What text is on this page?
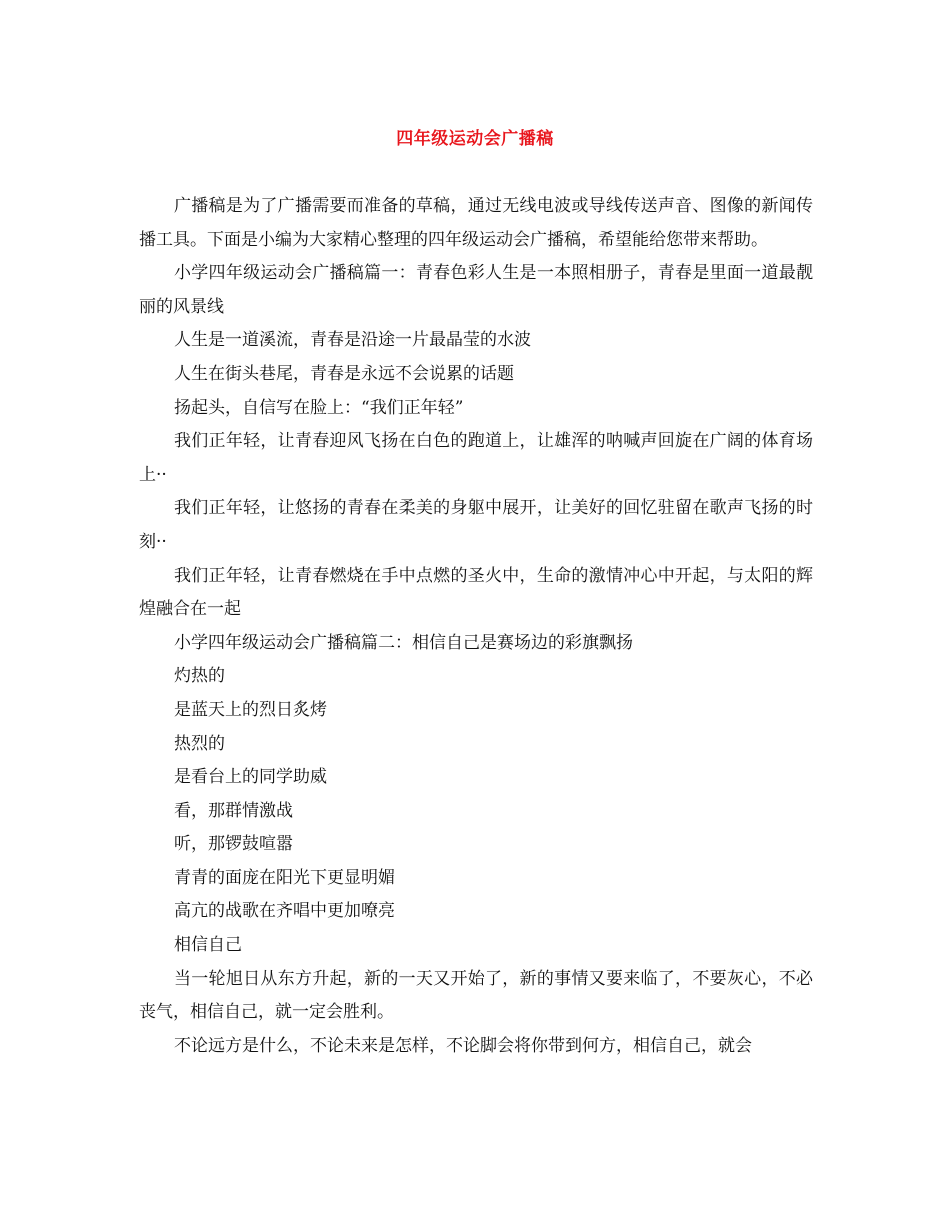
四年级运动会广播稿

广播稿是为了广播需要而准备的草稿，通过无线电波或导线传送声音、图像的新闻传播工具。下面是小编为大家精心整理的四年级运动会广播稿，希望能给您带来帮助。

小学四年级运动会广播稿篇一：青春色彩人生是一本照相册子，青春是里面一道最靓丽的风景线

人生是一道溪流，青春是沿途一片最晶莹的水波

人生在街头巷尾，青春是永远不会说累的话题

扬起头，自信写在脸上：“我们正年轻”

我们正年轻，让青春迎风飞扬在白色的跑道上，让雄浑的呐喊声回旋在广阔的体育场上··

我们正年轻，让悠扬的青春在柔美的身躯中展开，让美好的回忆驻留在歌声飞扬的时刻··

我们正年轻，让青春燃烧在手中点燃的圣火中，生命的激情冲心中开起，与太阳的辉煌融合在一起

小学四年级运动会广播稿篇二：相信自己是赛场边的彩旗飘扬

灼热的

是蓝天上的烈日炙烤

热烈的

是看台上的同学助威

看，那群情激战

听，那锣鼓喧嚣

青青的面庞在阳光下更显明媚

高亢的战歌在齐唱中更加嘹亮

相信自己

当一轮旭日从东方升起，新的一天又开始了，新的事情又要来临了，不要灰心，不必丧气，相信自己，就一定会胜利。

不论远方是什么，不论未来是怎样，不论脚会将你带到何方，相信自己，就会
